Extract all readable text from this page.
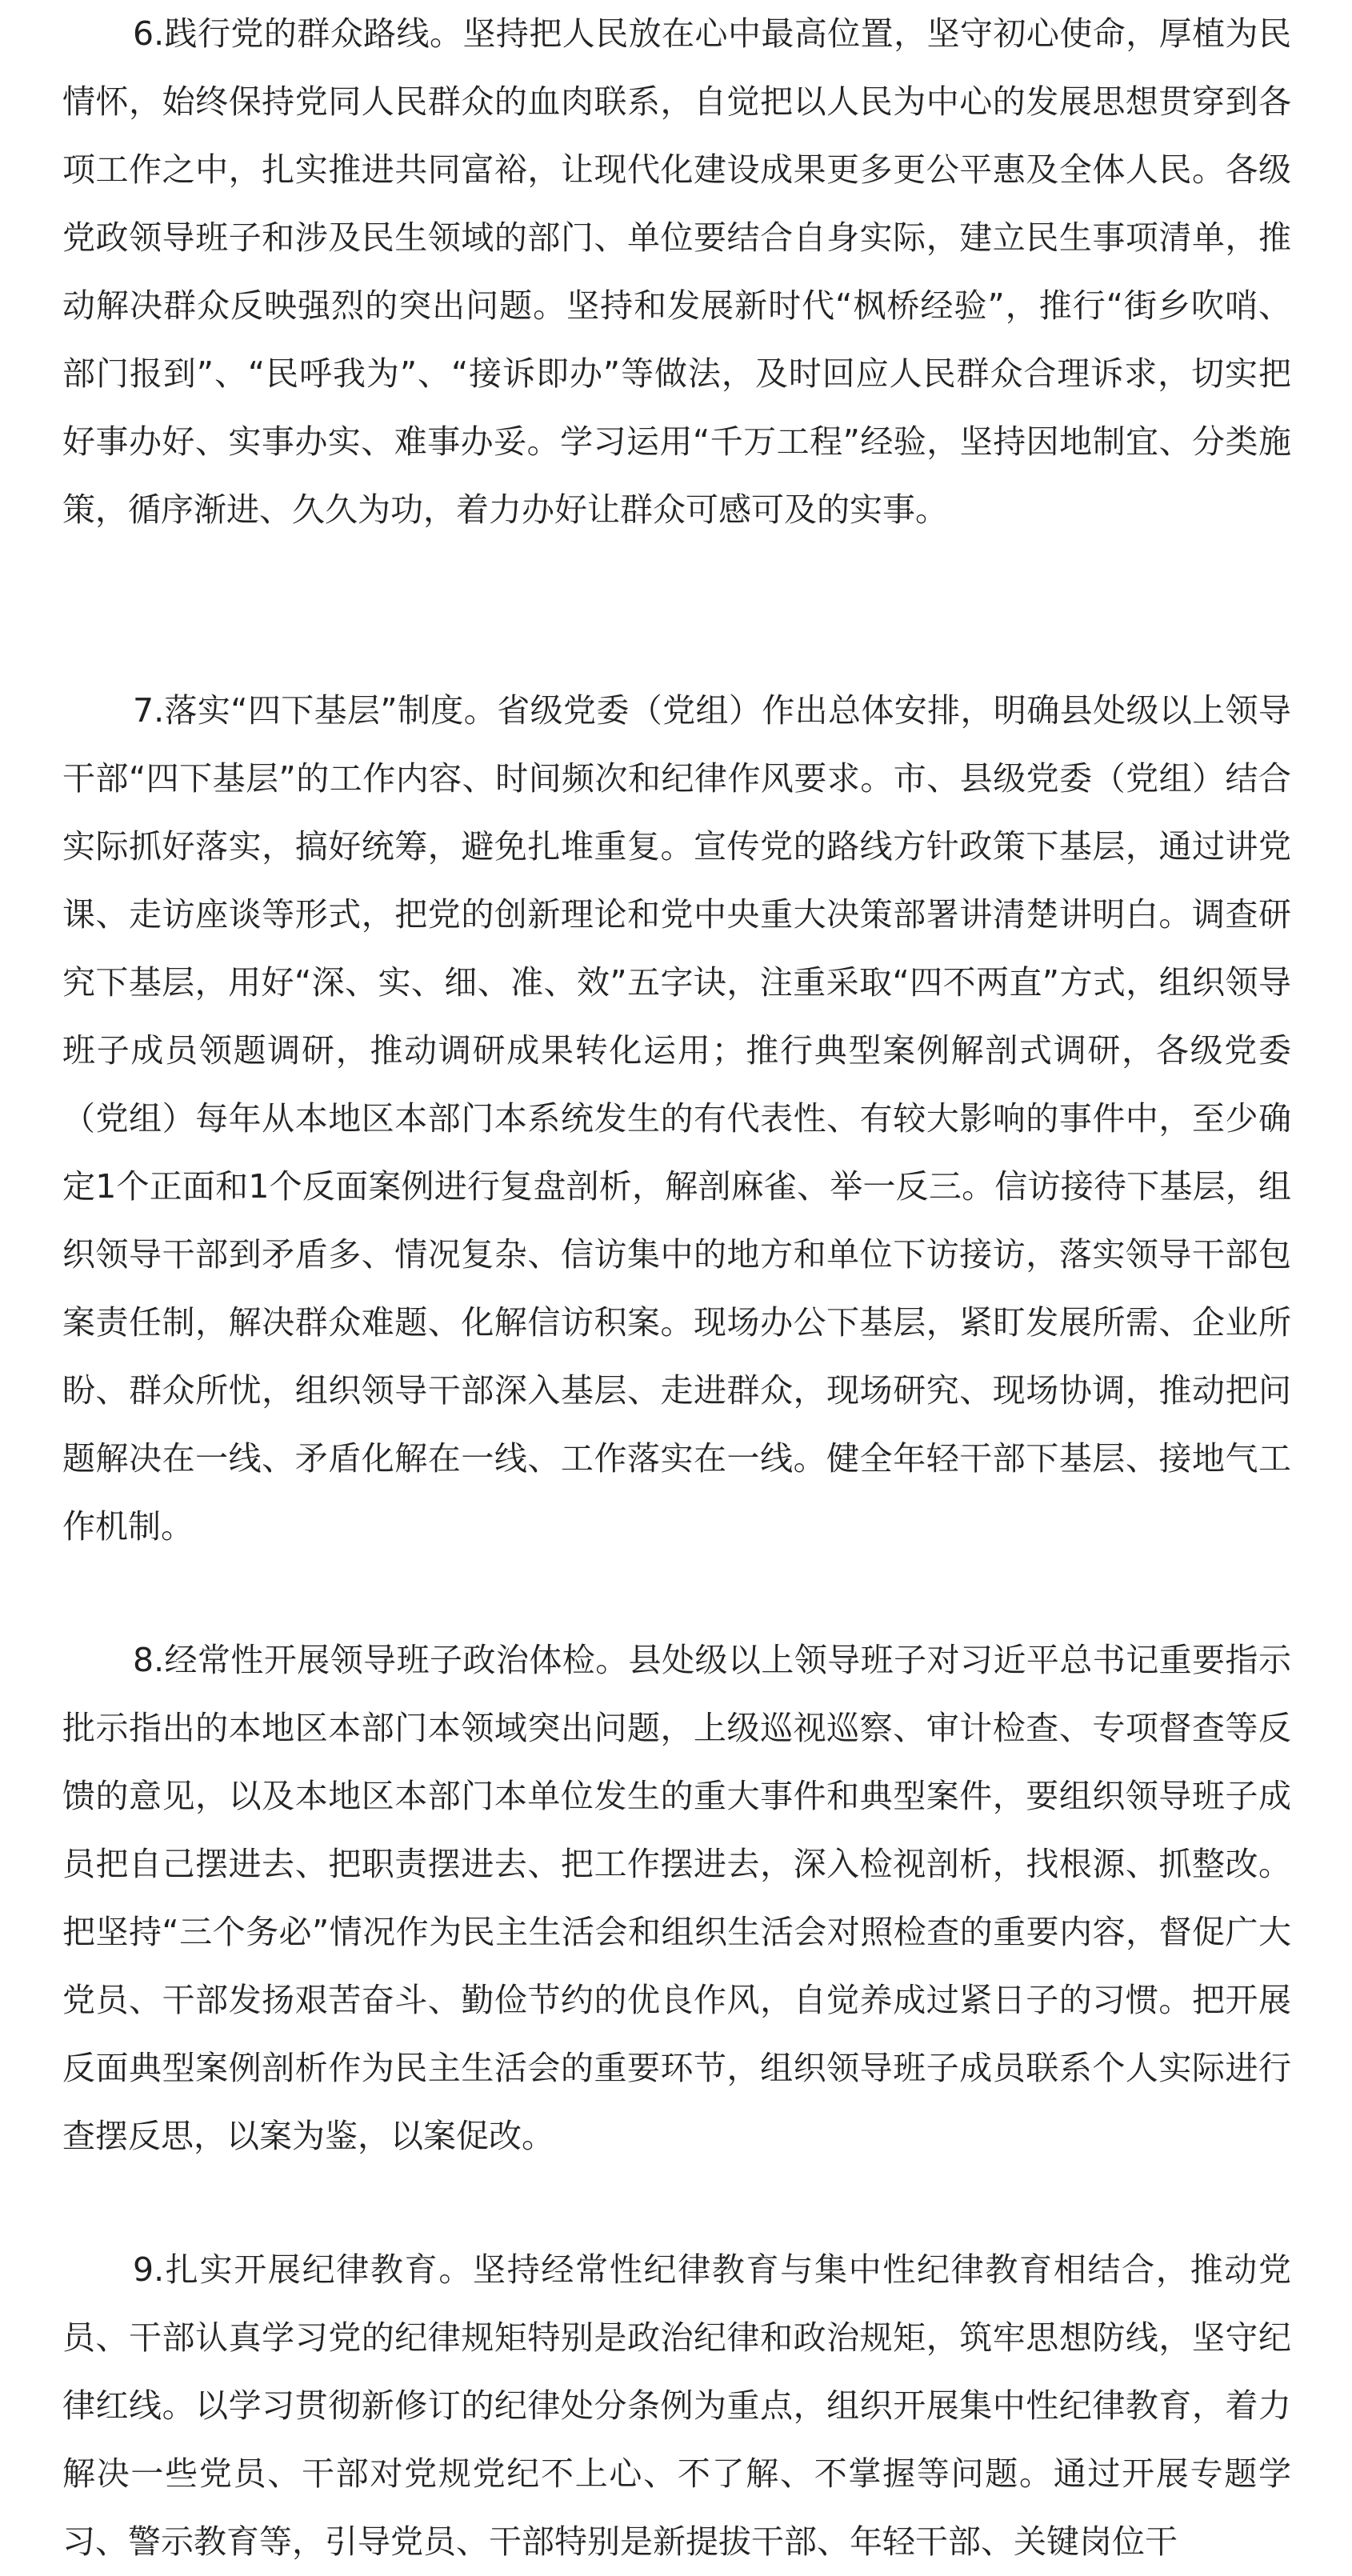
6.践行党的群众路线。坚持把人民放在心中最高位置，坚守初心使命，厚植为民情怀，始终保持党同人民群众的血肉联系，自觉把以人民为中心的发展思想贯穿到各项工作之中，扎实推进共同富裕，让现代化建设成果更多更公平惠及全体人民。各级党政领导班子和涉及民生领域的部门、单位要结合自身实际，建立民生事项清单，推动解决群众反映强烈的突出问题。坚持和发展新时代“枫桥经验”，推行“街乡吹哨、部门报到”、“民呼我为”、“接诉即办”等做法，及时回应人民群众合理诉求，切实把好事办好、实事办实、难事办妥。学习运用“千万工程”经验，坚持因地制宜、分类施策，循序渐进、久久为功，着力办好让群众可感可及的实事。

7.落实“四下基层”制度。省级党委（党组）作出总体安排，明确县处级以上领导干部“四下基层”的工作内容、时间频次和纪律作风要求。市、县级党委（党组）结合实际抓好落实，搞好统筹，避免扎堆重复。宣传党的路线方针政策下基层，通过讲党课、走访座谈等形式，把党的创新理论和党中央重大决策部署讲清楚讲明白。调查研究下基层，用好“深、实、细、准、效”五字诀，注重采取“四不两直”方式，组织领导班子成员领题调研，推动调研成果转化运用；推行典型案例解剖式调研，各级党委（党组）每年从本地区本部门本系统发生的有代表性、有较大影响的事件中，至少确定1个正面和1个反面案例进行复盘剖析，解剖麻雀、举一反三。信访接待下基层，组织领导干部到矛盾多、情况复杂、信访集中的地方和单位下访接访，落实领导干部包案责任制，解决群众难题、化解信访积案。现场办公下基层，紧盯发展所需、企业所盼、群众所忧，组织领导干部深入基层、走进群众，现场研究、现场协调，推动把问题解决在一线、矛盾化解在一线、工作落实在一线。健全年轻干部下基层、接地气工作机制。

8.经常性开展领导班子政治体检。县处级以上领导班子对习近平总书记重要指示批示指出的本地区本部门本领域突出问题，上级巡视巡察、审计检查、专项督查等反馈的意见，以及本地区本部门本单位发生的重大事件和典型案件，要组织领导班子成员把自己摆进去、把职责摆进去、把工作摆进去，深入检视剖析，找根源、抓整改。把坚持“三个务必”情况作为民主生活会和组织生活会对照检查的重要内容，督促广大党员、干部发扬艰苦奋斗、勤俭节约的优良作风，自觉养成过紧日子的习惯。把开展反面典型案例剖析作为民主生活会的重要环节，组织领导班子成员联系个人实际进行查摆反思，以案为鉴，以案促改。

9.扎实开展纪律教育。坚持经常性纪律教育与集中性纪律教育相结合，推动党员、干部认真学习党的纪律规矩特别是政治纪律和政治规矩，筑牢思想防线，坚守纪律红线。以学习贯彻新修订的纪律处分条例为重点，组织开展集中性纪律教育，着力解决一些党员、干部对党规党纪不上心、不了解、不掌握等问题。通过开展专题学习、警示教育等，引导党员、干部特别是新提拔干部、年轻干部、关键岗位干
